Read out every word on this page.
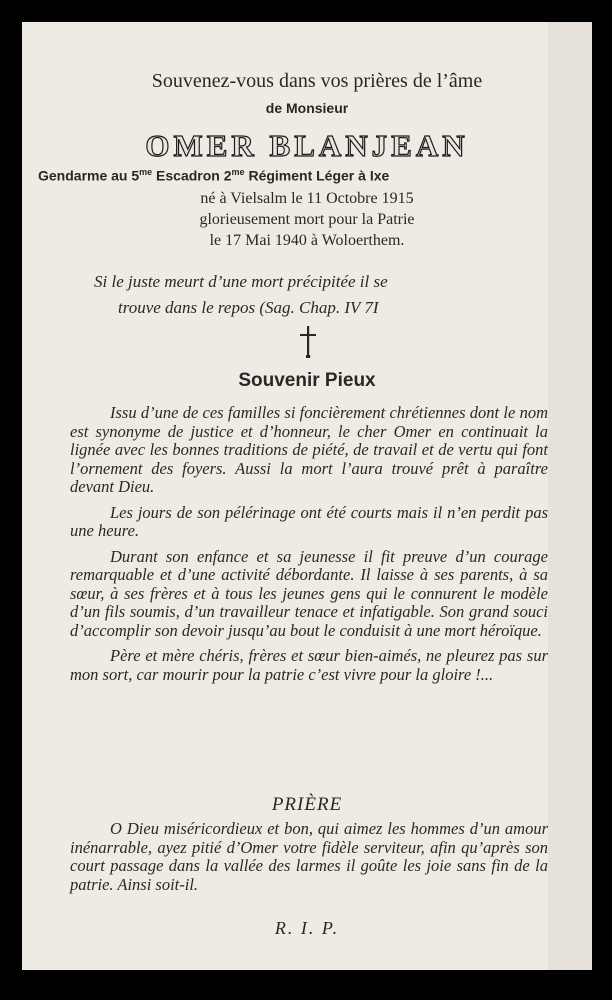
Souvenez-vous dans vos prières de l’âme
de Monsieur
OMER BLANJEAN
Gendarme au $5^{me}$ Escadron $2^{me}$ Régiment Léger à Ixe
né à Vielsalm le 11 Octobre 1915
glorieusement mort pour la Patrie
le 17 Mai 1940 à Woloerthem.
Si le juste meurt d’une mort précipitée il se
trouve dans le repos (Sag. Chap. IV 7I
Souvenir Pieux

Issu d’une de ces familles si foncièrement chrétiennes dont le nom est synonyme de justice et d’honneur, le cher Omer en continuait la lignée avec les bonnes traditions de piété, de travail et de vertu qui font l’ornement des foyers. Aussi la mort l’aura trouvé prêt à paraître devant Dieu.

Les jours de son pélérinage ont été courts mais il n’en perdit pas une heure.

Durant son enfance et sa jeunesse il fit preuve d’un courage remarquable et d’une activité débordante. Il laisse à ses parents, à sa sœur, à ses frères et à tous les jeunes gens qui le connurent le modèle d’un fils soumis, d’un travailleur tenace et infatigable. Son grand souci d’accomplir son devoir jusqu’au bout le conduisit à une mort héroïque.

Père et mère chéris, frères et sœur bien-aimés, ne pleurez pas sur mon sort, car mourir pour la patrie c’est vivre pour la gloire !...

PRIÈRE

O Dieu miséricordieux et bon, qui aimez les hommes d’un amour inénarrable, ayez pitié d’Omer votre fidèle serviteur, afin qu’après son court passage dans la vallée des larmes il goûte les joie sans fin de la patrie. Ainsi soit-il.

R. I. P.
